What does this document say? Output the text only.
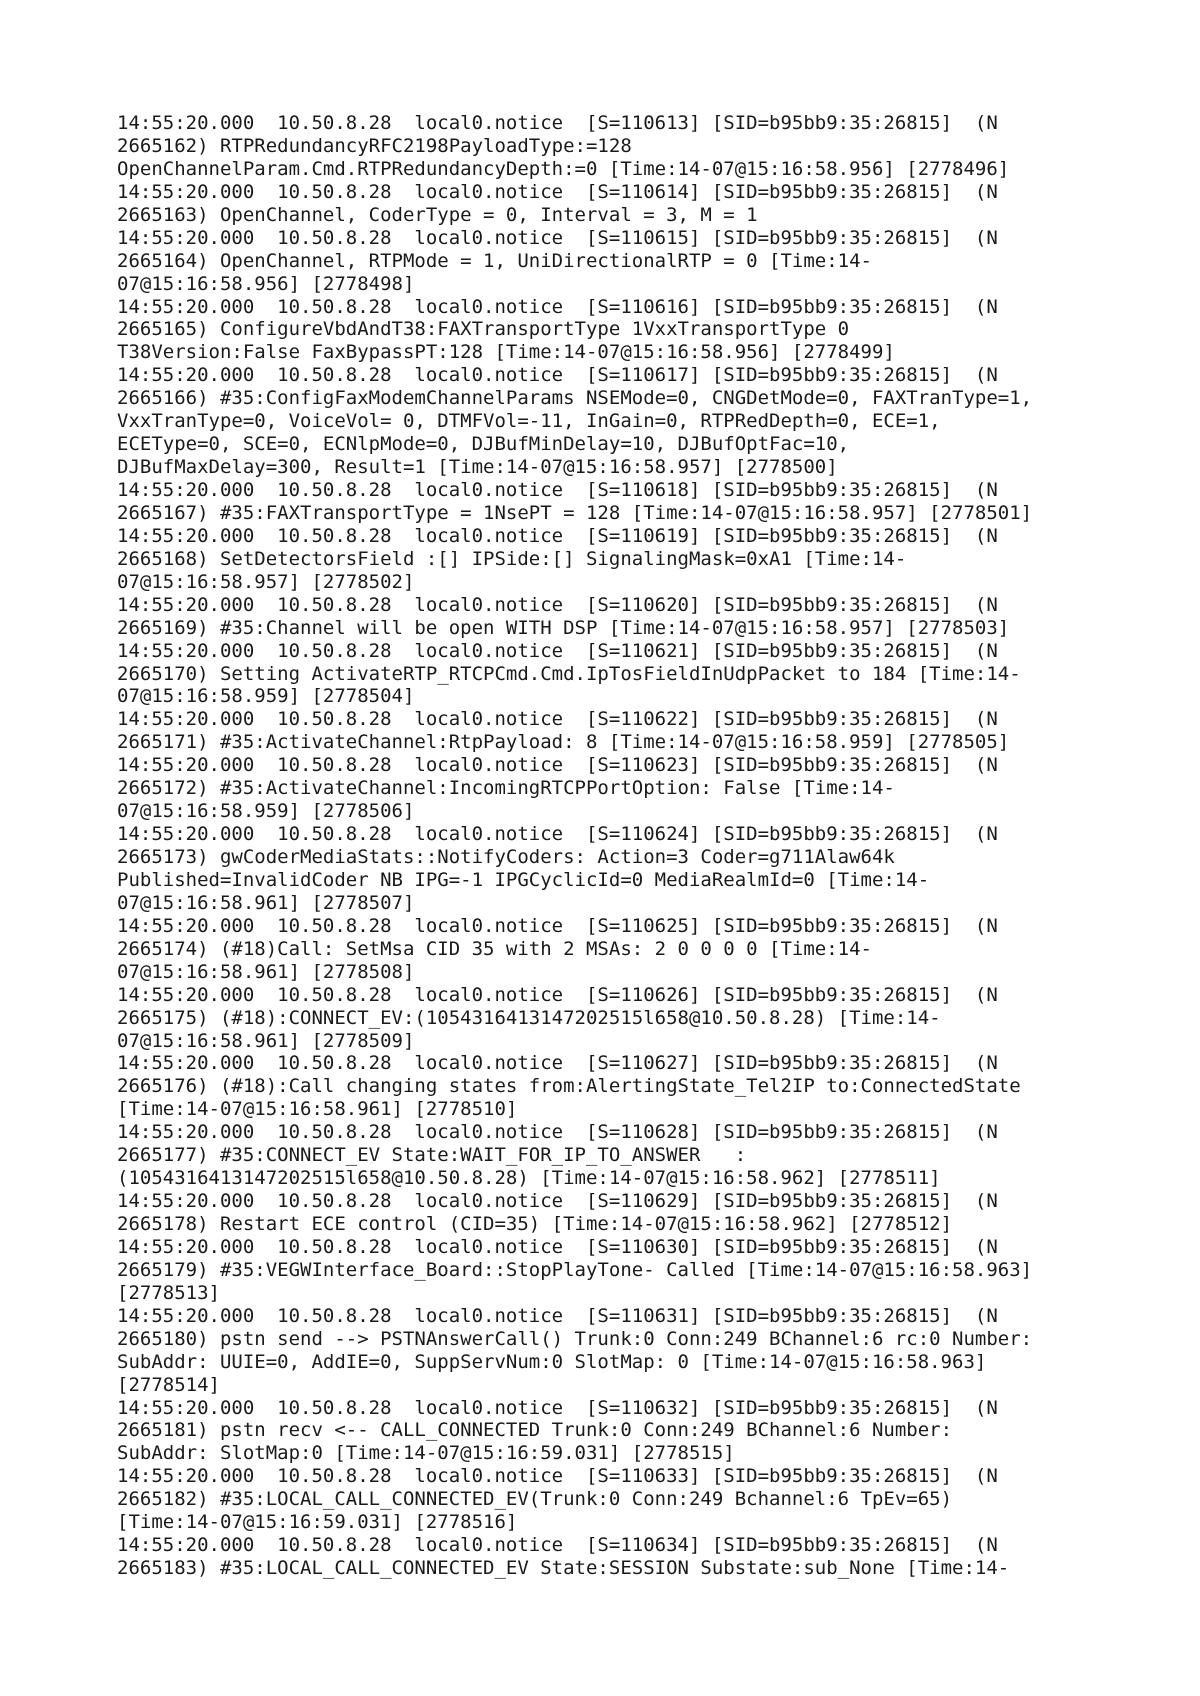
14:55:20.000  10.50.8.28  local0.notice  [S=110613] [SID=b95bb9:35:26815]  (N
2665162) RTPRedundancyRFC2198PayloadType:=128
OpenChannelParam.Cmd.RTPRedundancyDepth:=0 [Time:14-07@15:16:58.956] [2778496]
14:55:20.000  10.50.8.28  local0.notice  [S=110614] [SID=b95bb9:35:26815]  (N
2665163) OpenChannel, CoderType = 0, Interval = 3, M = 1
14:55:20.000  10.50.8.28  local0.notice  [S=110615] [SID=b95bb9:35:26815]  (N
2665164) OpenChannel, RTPMode = 1, UniDirectionalRTP = 0 [Time:14-
07@15:16:58.956] [2778498]
14:55:20.000  10.50.8.28  local0.notice  [S=110616] [SID=b95bb9:35:26815]  (N
2665165) ConfigureVbdAndT38:FAXTransportType 1VxxTransportType 0
T38Version:False FaxBypassPT:128 [Time:14-07@15:16:58.956] [2778499]
14:55:20.000  10.50.8.28  local0.notice  [S=110617] [SID=b95bb9:35:26815]  (N
2665166) #35:ConfigFaxModemChannelParams NSEMode=0, CNGDetMode=0, FAXTranType=1,
VxxTranType=0, VoiceVol= 0, DTMFVol=-11, InGain=0, RTPRedDepth=0, ECE=1,
ECEType=0, SCE=0, ECNlpMode=0, DJBufMinDelay=10, DJBufOptFac=10,
DJBufMaxDelay=300, Result=1 [Time:14-07@15:16:58.957] [2778500]
14:55:20.000  10.50.8.28  local0.notice  [S=110618] [SID=b95bb9:35:26815]  (N
2665167) #35:FAXTransportType = 1NsePT = 128 [Time:14-07@15:16:58.957] [2778501]
14:55:20.000  10.50.8.28  local0.notice  [S=110619] [SID=b95bb9:35:26815]  (N
2665168) SetDetectorsField :[] IPSide:[] SignalingMask=0xA1 [Time:14-
07@15:16:58.957] [2778502]
14:55:20.000  10.50.8.28  local0.notice  [S=110620] [SID=b95bb9:35:26815]  (N
2665169) #35:Channel will be open WITH DSP [Time:14-07@15:16:58.957] [2778503]
14:55:20.000  10.50.8.28  local0.notice  [S=110621] [SID=b95bb9:35:26815]  (N
2665170) Setting ActivateRTP_RTCPCmd.Cmd.IpTosFieldInUdpPacket to 184 [Time:14-
07@15:16:58.959] [2778504]
14:55:20.000  10.50.8.28  local0.notice  [S=110622] [SID=b95bb9:35:26815]  (N
2665171) #35:ActivateChannel:RtpPayload: 8 [Time:14-07@15:16:58.959] [2778505]
14:55:20.000  10.50.8.28  local0.notice  [S=110623] [SID=b95bb9:35:26815]  (N
2665172) #35:ActivateChannel:IncomingRTCPPortOption: False [Time:14-
07@15:16:58.959] [2778506]
14:55:20.000  10.50.8.28  local0.notice  [S=110624] [SID=b95bb9:35:26815]  (N
2665173) gwCoderMediaStats::NotifyCoders: Action=3 Coder=g711Alaw64k
Published=InvalidCoder NB IPG=-1 IPGCyclicId=0 MediaRealmId=0 [Time:14-
07@15:16:58.961] [2778507]
14:55:20.000  10.50.8.28  local0.notice  [S=110625] [SID=b95bb9:35:26815]  (N
2665174) (#18)Call: SetMsa CID 35 with 2 MSAs: 2 0 0 0 0 [Time:14-
07@15:16:58.961] [2778508]
14:55:20.000  10.50.8.28  local0.notice  [S=110626] [SID=b95bb9:35:26815]  (N
2665175) (#18):CONNECT_EV:(1054316413147202515l658@10.50.8.28) [Time:14-
07@15:16:58.961] [2778509]
14:55:20.000  10.50.8.28  local0.notice  [S=110627] [SID=b95bb9:35:26815]  (N
2665176) (#18):Call changing states from:AlertingState_Tel2IP to:ConnectedState
[Time:14-07@15:16:58.961] [2778510]
14:55:20.000  10.50.8.28  local0.notice  [S=110628] [SID=b95bb9:35:26815]  (N
2665177) #35:CONNECT_EV State:WAIT_FOR_IP_TO_ANSWER   :
(1054316413147202515l658@10.50.8.28) [Time:14-07@15:16:58.962] [2778511]
14:55:20.000  10.50.8.28  local0.notice  [S=110629] [SID=b95bb9:35:26815]  (N
2665178) Restart ECE control (CID=35) [Time:14-07@15:16:58.962] [2778512]
14:55:20.000  10.50.8.28  local0.notice  [S=110630] [SID=b95bb9:35:26815]  (N
2665179) #35:VEGWInterface_Board::StopPlayTone- Called [Time:14-07@15:16:58.963]
[2778513]
14:55:20.000  10.50.8.28  local0.notice  [S=110631] [SID=b95bb9:35:26815]  (N
2665180) pstn send --> PSTNAnswerCall() Trunk:0 Conn:249 BChannel:6 rc:0 Number:
SubAddr: UUIE=0, AddIE=0, SuppServNum:0 SlotMap: 0 [Time:14-07@15:16:58.963]
[2778514]
14:55:20.000  10.50.8.28  local0.notice  [S=110632] [SID=b95bb9:35:26815]  (N
2665181) pstn recv <-- CALL_CONNECTED Trunk:0 Conn:249 BChannel:6 Number:
SubAddr: SlotMap:0 [Time:14-07@15:16:59.031] [2778515]
14:55:20.000  10.50.8.28  local0.notice  [S=110633] [SID=b95bb9:35:26815]  (N
2665182) #35:LOCAL_CALL_CONNECTED_EV(Trunk:0 Conn:249 Bchannel:6 TpEv=65)
[Time:14-07@15:16:59.031] [2778516]
14:55:20.000  10.50.8.28  local0.notice  [S=110634] [SID=b95bb9:35:26815]  (N
2665183) #35:LOCAL_CALL_CONNECTED_EV State:SESSION Substate:sub_None [Time:14-
